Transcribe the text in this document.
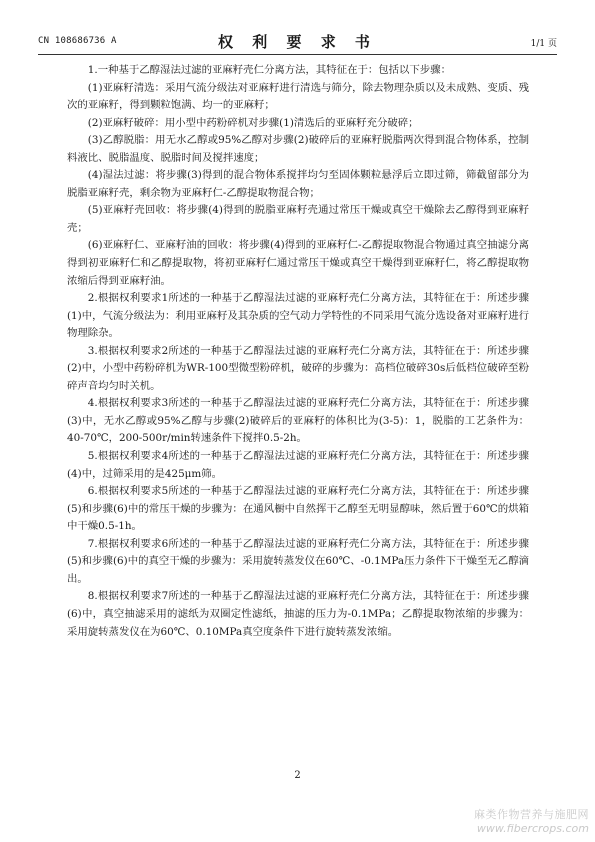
CN 108686736 A	权 利 要 求 书	1/1 页

1.一种基于乙醇湿法过滤的亚麻籽壳仁分离方法，其特征在于：包括以下步骤：

(1)亚麻籽清选：采用气流分级法对亚麻籽进行清选与筛分，除去物理杂质以及未成熟、变质、残次的亚麻籽，得到颗粒饱满、均一的亚麻籽；

(2)亚麻籽破碎：用小型中药粉碎机对步骤(1)清选后的亚麻籽充分破碎；

(3)乙醇脱脂：用无水乙醇或95%乙醇对步骤(2)破碎后的亚麻籽脱脂两次得到混合物体系，控制料液比、脱脂温度、脱脂时间及搅拌速度；

(4)湿法过滤：将步骤(3)得到的混合物体系搅拌均匀至固体颗粒悬浮后立即过筛，筛截留部分为脱脂亚麻籽壳，剩余物为亚麻籽仁-乙醇提取物混合物；

(5)亚麻籽壳回收：将步骤(4)得到的脱脂亚麻籽壳通过常压干燥或真空干燥除去乙醇得到亚麻籽壳；

(6)亚麻籽仁、亚麻籽油的回收：将步骤(4)得到的亚麻籽仁-乙醇提取物混合物通过真空抽滤分离得到初亚麻籽仁和乙醇提取物，将初亚麻籽仁通过常压干燥或真空干燥得到亚麻籽仁，将乙醇提取物浓缩后得到亚麻籽油。

2.根据权利要求1所述的一种基于乙醇湿法过滤的亚麻籽壳仁分离方法，其特征在于：所述步骤(1)中，气流分级法为：利用亚麻籽及其杂质的空气动力学特性的不同采用气流分选设备对亚麻籽进行物理除杂。

3.根据权利要求2所述的一种基于乙醇湿法过滤的亚麻籽壳仁分离方法，其特征在于：所述步骤(2)中，小型中药粉碎机为WR-100型微型粉碎机，破碎的步骤为：高档位破碎30s后低档位破碎至粉碎声音均匀时关机。

4.根据权利要求3所述的一种基于乙醇湿法过滤的亚麻籽壳仁分离方法，其特征在于：所述步骤(3)中，无水乙醇或95%乙醇与步骤(2)破碎后的亚麻籽的体积比为(3-5)：1，脱脂的工艺条件为：40-70℃，200-500r/min转速条件下搅拌0.5-2h。

5.根据权利要求4所述的一种基于乙醇湿法过滤的亚麻籽壳仁分离方法，其特征在于：所述步骤(4)中，过筛采用的是425μm筛。

6.根据权利要求5所述的一种基于乙醇湿法过滤的亚麻籽壳仁分离方法，其特征在于：所述步骤(5)和步骤(6)中的常压干燥的步骤为：在通风橱中自然挥干乙醇至无明显醇味，然后置于60℃的烘箱中干燥0.5-1h。

7.根据权利要求6所述的一种基于乙醇湿法过滤的亚麻籽壳仁分离方法，其特征在于：所述步骤(5)和步骤(6)中的真空干燥的步骤为：采用旋转蒸发仪在60℃、-0.1MPa压力条件下干燥至无乙醇滴出。

8.根据权利要求7所述的一种基于乙醇湿法过滤的亚麻籽壳仁分离方法，其特征在于：所述步骤(6)中，真空抽滤采用的滤纸为双圈定性滤纸，抽滤的压力为-0.1MPa；乙醇提取物浓缩的步骤为：采用旋转蒸发仪在为60℃、0.10MPa真空度条件下进行旋转蒸发浓缩。

2
麻类作物营养与施肥网
www.fibercrops.com
